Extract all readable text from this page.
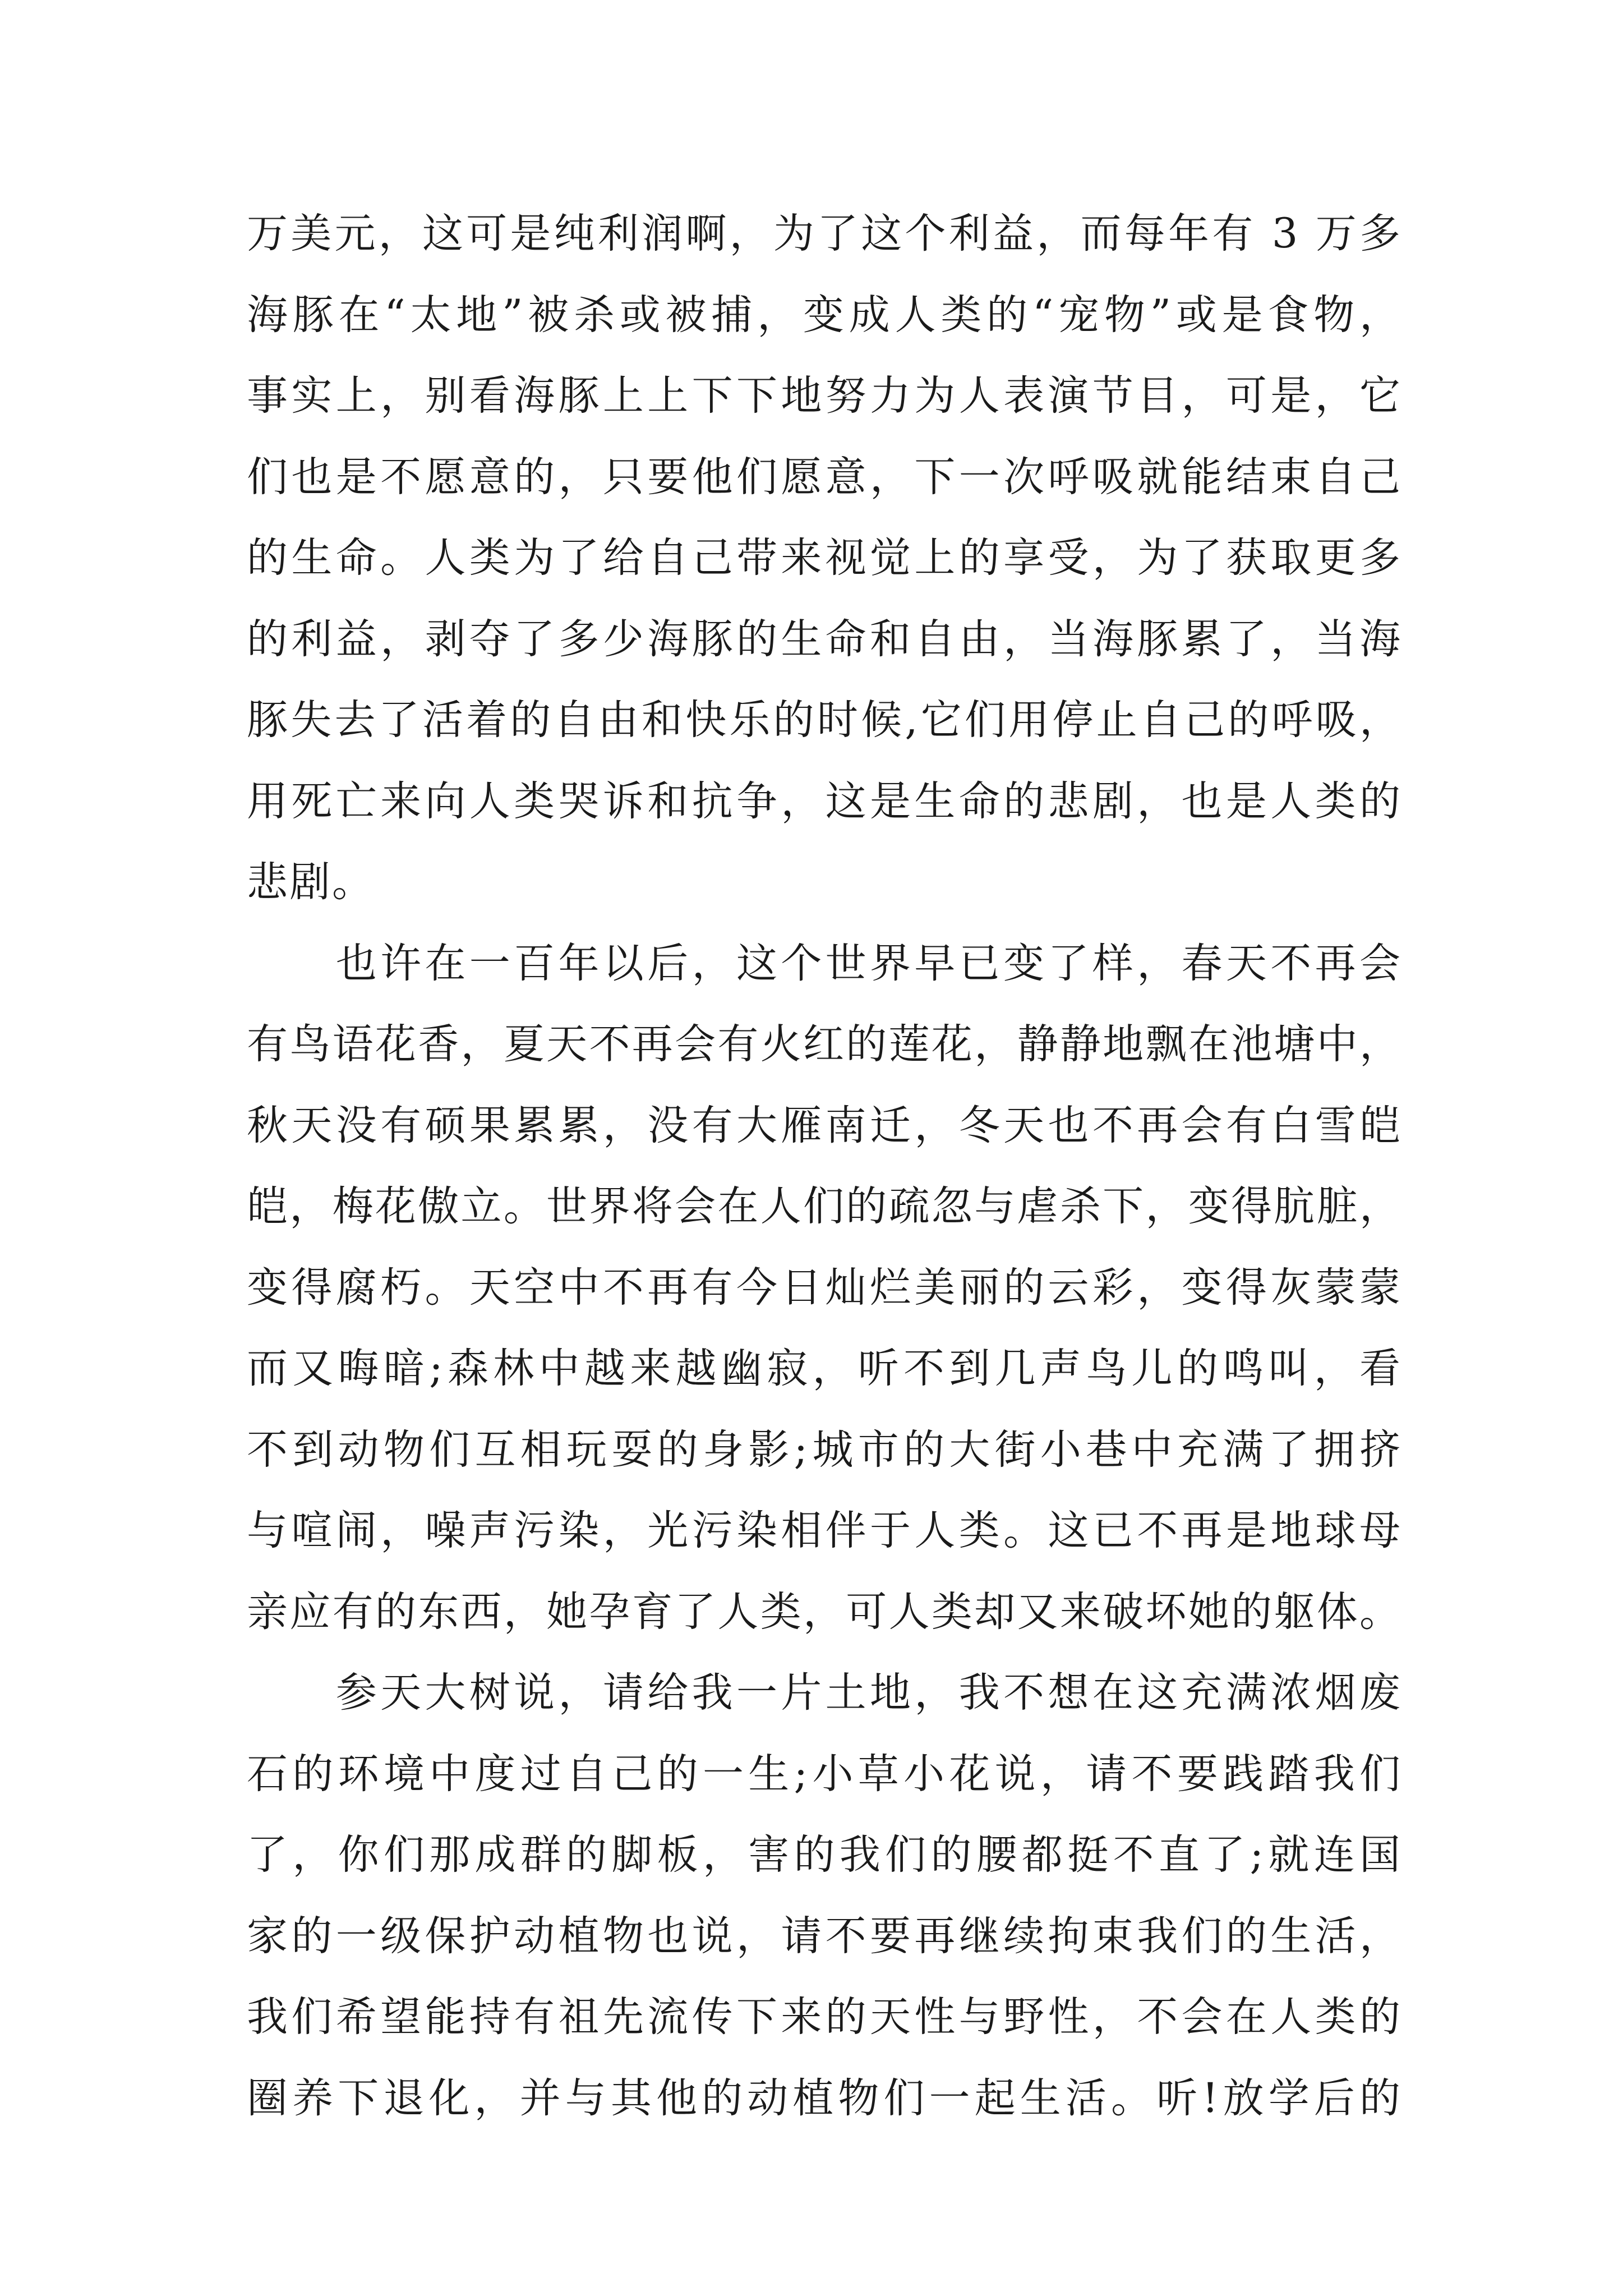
万美元，这可是纯利润啊，为了这个利益，而每年有 3 万多
海豚在“太地”被杀或被捕，变成人类的“宠物”或是食物，
事实上，别看海豚上上下下地努力为人表演节目，可是，它
们也是不愿意的，只要他们愿意，下一次呼吸就能结束自己
的生命。人类为了给自己带来视觉上的享受，为了获取更多
的利益，剥夺了多少海豚的生命和自由，当海豚累了，当海
豚失去了活着的自由和快乐的时候,它们用停止自己的呼吸，
用死亡来向人类哭诉和抗争，这是生命的悲剧，也是人类的
悲剧。
　　也许在一百年以后，这个世界早已变了样，春天不再会
有鸟语花香，夏天不再会有火红的莲花，静静地飘在池塘中，
秋天没有硕果累累，没有大雁南迁，冬天也不再会有白雪皑
皑，梅花傲立。世界将会在人们的疏忽与虐杀下，变得肮脏，
变得腐朽。天空中不再有今日灿烂美丽的云彩，变得灰蒙蒙
而又晦暗;森林中越来越幽寂，听不到几声鸟儿的鸣叫，看
不到动物们互相玩耍的身影;城市的大街小巷中充满了拥挤
与喧闹，噪声污染，光污染相伴于人类。这已不再是地球母
亲应有的东西，她孕育了人类，可人类却又来破坏她的躯体。
　　参天大树说，请给我一片土地，我不想在这充满浓烟废
石的环境中度过自己的一生;小草小花说，请不要践踏我们
了，你们那成群的脚板，害的我们的腰都挺不直了;就连国
家的一级保护动植物也说，请不要再继续拘束我们的生活，
我们希望能持有祖先流传下来的天性与野性，不会在人类的
圈养下退化，并与其他的动植物们一起生活。听!放学后的
